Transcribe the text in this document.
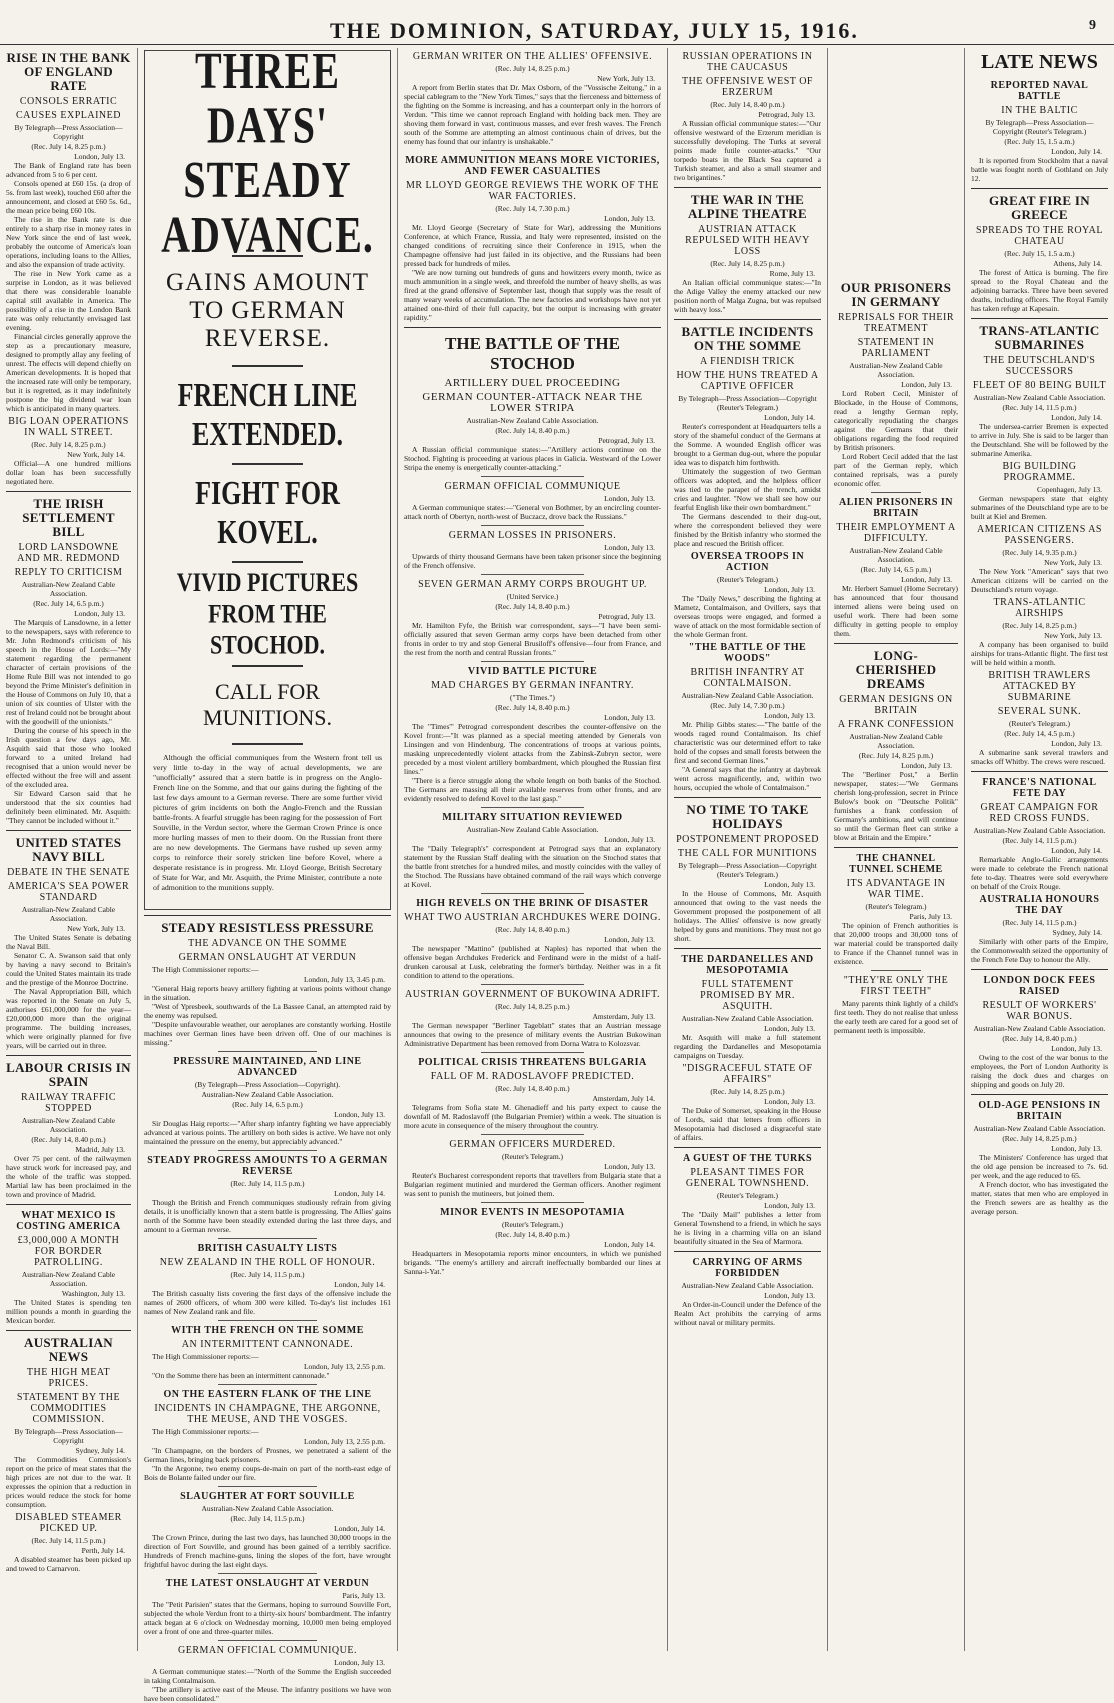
THE DOMINION, SATURDAY, JULY 15, 1916.	9
RISE IN THE BANK OF ENGLAND RATE
CONSOLS ERRATIC
CAUSES EXPLAINED
By Telegraph—Press Association—Copyright
(Rec. July 14, 8.25 p.m.)
London, July 13.

The Bank of England rate has been advanced from 5 to 6 per cent.

Consols opened at £60 15s. (a drop of 5s. from last week), touched £60 after the announcement, and closed at £60 5s. 6d., the mean price being £60 10s.

The rise in the Bank rate is due entirely to a sharp rise in money rates in New York since the end of last week, probably the outcome of America's loan operations, including loans to the Allies, and also the expansion of trade activity.

The rise in New York came as a surprise in London, as it was believed that there was considerable loanable capital still available in America. The possibility of a rise in the London Bank rate was only reluctantly envisaged last evening.

Financial circles generally approve the step as a precautionary measure, designed to promptly allay any feeling of unrest. The effects will depend chiefly on American developments. It is hoped that the increased rate will only be temporary, but it is regretted, as it may indefinitely postpone the big dividend war loan which is anticipated in many quarters.

BIG LOAN OPERATIONS IN WALL STREET.
(Rec. July 14, 8.25 p.m.)
New York, July 14.

Official—A one hundred millions dollar loan has been successfully negotiated here.

THE IRISH SETTLEMENT BILL
LORD LANSDOWNE AND MR. REDMOND
REPLY TO CRITICISM
Australian-New Zealand Cable Association.
(Rec. July 14, 6.5 p.m.)
London, July 13.

The Marquis of Lansdowne, in a letter to the newspapers, says with reference to Mr. John Redmond's criticism of his speech in the House of Lords:—"My statement regarding the permanent character of certain provisions of the Home Rule Bill was not intended to go beyond the Prime Minister's definition in the House of Commons on July 10, that a union of six counties of Ulster with the rest of Ireland could not be brought about with the goodwill of the unionists."

During the course of his speech in the Irish question a few days ago, Mr. Asquith said that those who looked forward to a united Ireland had recognised that a union would never be effected without the free will and assent of the excluded area.

Sir Edward Carson said that he understood that the six counties had definitely been eliminated. Mr. Asquith: "They cannot be included without it."

UNITED STATES NAVY BILL
DEBATE IN THE SENATE
AMERICA'S SEA POWER STANDARD
Australian-New Zealand Cable Association.
New York, July 13.

The United States Senate is debating the Naval Bill.

Senator C. A. Swanson said that only by having a navy second to Britain's could the United States maintain its trade and the prestige of the Monroe Doctrine.

The Naval Appropriation Bill, which was reported in the Senate on July 5, authorises £61,000,000 for the year—£20,000,000 more than the original programme. The building increases, which were originally planned for five years, will be carried out in three.

LABOUR CRISIS IN SPAIN
RAILWAY TRAFFIC STOPPED
Australian-New Zealand Cable Association.
(Rec. July 14, 8.40 p.m.)
Madrid, July 13.

Over 75 per cent. of the railwaymen have struck work for increased pay, and the whole of the traffic was stopped. Martial law has been proclaimed in the town and province of Madrid.

WHAT MEXICO IS COSTING AMERICA
£3,000,000 A MONTH FOR BORDER PATROLLING.
Australian-New Zealand Cable Association.
Washington, July 13.

The United States is spending ten million pounds a month in guarding the Mexican border.

AUSTRALIAN NEWS
THE HIGH MEAT PRICES.
STATEMENT BY THE COMMODITIES COMMISSION.
By Telegraph—Press Association—Copyright
Sydney, July 14.

The Commodities Commission's report on the price of meat states that the high prices are not due to the war. It expresses the opinion that a reduction in prices would reduce the stock for home consumption.

DISABLED STEAMER PICKED UP.
(Rec. July 14, 11.5 p.m.)
Perth, July 14.

A disabled steamer has been picked up and towed to Carnarvon.

THREE DAYS' STEADY ADVANCE.
GAINS AMOUNT TO GERMAN REVERSE.
FRENCH LINE EXTENDED.
FIGHT FOR KOVEL.
VIVID PICTURES FROM THE STOCHOD.
CALL FOR MUNITIONS.

Although the official communiques from the Western front tell us very little to-day in the way of actual developments, we are "unofficially" assured that a stern battle is in progress on the Anglo-French line on the Somme, and that our gains during the fighting of the last few days amount to a German reverse. There are some further vivid pictures of grim incidents on both the Anglo-French and the Russian battle-fronts. A fearful struggle has been raging for the possession of Fort Souville, in the Verdun sector, where the German Crown Prince is once more hurling masses of men to their doom. On the Russian front there are no new developments. The Germans have rushed up seven army corps to reinforce their sorely stricken line before Kovel, where a desperate resistance is in progress. Mr. Lloyd George, British Secretary of State for War, and Mr. Asquith, the Prime Minister, contribute a note of admonition to the munitions supply.

STEADY RESISTLESS PRESSURE
THE ADVANCE ON THE SOMME
GERMAN ONSLAUGHT AT VERDUN

The High Commissioner reports:—

London, July 13, 3.45 p.m.

"General Haig reports heavy artillery fighting at various points without change in the situation.

"West of Ypresbeek, southwards of the La Bassee Canal, an attempted raid by the enemy was repulsed.

"Despite unfavourable weather, our aeroplanes are constantly working. Hostile machines over German lines have been driven off. One of our machines is missing."

PRESSURE MAINTAINED, AND LINE ADVANCED
(By Telegraph—Press Association—Copyright).
Australian-New Zealand Cable Association.
(Rec. July 14, 6.5 p.m.)
London, July 13.

Sir Douglas Haig reports:—"After sharp infantry fighting we have appreciably advanced at various points. The artillery on both sides is active. We have not only maintained the pressure on the enemy, but appreciably advanced."

STEADY PROGRESS AMOUNTS TO A GERMAN REVERSE
(Rec. July 14, 11.5 p.m.)
London, July 14.

Though the British and French communiques studiously refrain from giving details, it is unofficially known that a stern battle is progressing. The Allies' gains north of the Somme have been steadily extended during the last three days, and amount to a German reverse.

BRITISH CASUALTY LISTS
NEW ZEALAND IN THE ROLL OF HONOUR.
(Rec. July 14, 11.5 p.m.)
London, July 14.

The British casualty lists covering the first days of the offensive include the names of 2600 officers, of whom 300 were killed. To-day's list includes 161 names of New Zealand rank and file.

WITH THE FRENCH ON THE SOMME
AN INTERMITTENT CANNONADE.

The High Commissioner reports:—

London, July 13, 2.55 p.m.

"On the Somme there has been an intermittent cannonade."

ON THE EASTERN FLANK OF THE LINE
INCIDENTS IN CHAMPAGNE, THE ARGONNE, THE MEUSE, AND THE VOSGES.

The High Commissioner reports:—

London, July 13, 2.55 p.m.

"In Champagne, on the borders of Prosnes, we penetrated a salient of the German lines, bringing back prisoners.

"In the Argonne, two enemy coups-de-main on part of the north-east edge of Bois de Bolante failed under our fire.

SLAUGHTER AT FORT SOUVILLE
Australian-New Zealand Cable Association.
(Rec. July 14, 11.5 p.m.)
London, July 14.

The Crown Prince, during the last two days, has launched 30,000 troops in the direction of Fort Souville, and ground has been gained of a terribly sacrifice. Hundreds of French machine-guns, lining the slopes of the fort, have wrought frightful havoc during the last eight days.

THE LATEST ONSLAUGHT AT VERDUN
Paris, July 13.

The "Petit Parisien" states that the Germans, hoping to surround Souville Fort, subjected the whole Verdun front to a thirty-six hours' bombardment. The infantry attack began at 6 o'clock on Wednesday morning, 10,000 men being employed over a front of one and three-quarter miles.

GERMAN OFFICIAL COMMUNIQUE.
London, July 13.

A German communique states:—"North of the Somme the English succeeded in taking Contalmaison.

"The artillery is active east of the Meuse. The infantry positions we have won have been consolidated."

GERMAN WRITER ON THE ALLIES' OFFENSIVE.
(Rec. July 14, 8.25 p.m.)
New York, July 13.

A report from Berlin states that Dr. Max Osborn, of the "Vossische Zeitung," in a special cablegram to the "New York Times," says that the fierceness and bitterness of the fighting on the Somme is increasing, and has a counterpart only in the horrors of Verdun. "This time we cannot reproach England with holding back men. They are shoving them forward in vast, continuous masses, and ever fresh waves. The French south of the Somme are attempting an almost continuous chain of drives, but the enemy has found that our infantry is unshakable."

MORE AMMUNITION MEANS MORE VICTORIES, AND FEWER CASUALTIES
MR LLOYD GEORGE REVIEWS THE WORK OF THE WAR FACTORIES.
(Rec. July 14, 7.30 p.m.)
London, July 13.

Mr. Lloyd George (Secretary of State for War), addressing the Munitions Conference, at which France, Russia, and Italy were represented, insisted on the changed conditions of recruiting since their Conference in 1915, when the Champagne offensive had just failed in its objective, and the Russians had been pressed back for hundreds of miles.

"We are now turning out hundreds of guns and howitzers every month, twice as much ammunition in a single week, and threefold the number of heavy shells, as was fired at the grand offensive of September last, though that supply was the result of many weary weeks of accumulation. The new factories and workshops have not yet attained one-third of their full capacity, but the output is increasing with greater rapidity."

THE BATTLE OF THE STOCHOD
ARTILLERY DUEL PROCEEDING
GERMAN COUNTER-ATTACK NEAR THE LOWER STRIPA
Australian-New Zealand Cable Association.
(Rec. July 14, 8.40 p.m.)
Petrograd, July 13.

A Russian official communique states:—"Artillery actions continue on the Stochod. Fighting is proceeding at various places in Galicia. Westward of the Lower Stripa the enemy is energetically counter-attacking."

GERMAN OFFICIAL COMMUNIQUE
London, July 13.

A German communique states:—"General von Bothmer, by an encircling counter-attack north of Obertyn, north-west of Buczacz, drove back the Russians."

GERMAN LOSSES IN PRISONERS.
London, July 13.

Upwards of thirty thousand Germans have been taken prisoner since the beginning of the French offensive.

SEVEN GERMAN ARMY CORPS BROUGHT UP.
(United Service.)
(Rec. July 14, 8.40 p.m.)
Petrograd, July 13.

Mr. Hamilton Fyfe, the British war correspondent, says—"I have been semi-officially assured that seven German army corps have been detached from other fronts in order to try and stop General Brusiloff's offensive—four from France, and the rest from the north and central Russian fronts."

VIVID BATTLE PICTURE
MAD CHARGES BY GERMAN INFANTRY.
("The Times.")
(Rec. July 14, 8.40 p.m.)
London, July 13.

The "Times'" Petrograd correspondent describes the counter-offensive on the Kovel front:—"It was planned as a special meeting attended by Generals von Linsingen and von Hindenburg. The concentrations of troops at various points, masking unprecedentedly violent attacks from the Zabinsk-Zubryn sector, were preceded by a most violent artillery bombardment, which ploughed the Russian first lines."

"There is a fierce struggle along the whole length on both banks of the Stochod. The Germans are massing all their available reserves from other fronts, and are evidently resolved to defend Kovel to the last gasp."

MILITARY SITUATION REVIEWED
Australian-New Zealand Cable Association.
London, July 13.

The "Daily Telegraph's" correspondent at Petrograd says that an explanatory statement by the Russian Staff dealing with the situation on the Stochod states that the battle front stretches for a hundred miles, and mostly coincides with the valley of the Stochod. The Russians have obtained command of the rail ways which converge at Kovel.

HIGH REVELS ON THE BRINK OF DISASTER
WHAT TWO AUSTRIAN ARCHDUKES WERE DOING.
(Rec. July 14, 8.40 p.m.)
London, July 13.

The newspaper "Mattino" (published at Naples) has reported that when the offensive began Archdukes Frederick and Ferdinand were in the midst of a half-drunken carousal at Lusk, celebrating the former's birthday. Neither was in a fit condition to attend to the operations.

AUSTRIAN GOVERNMENT OF BUKOWINA ADRIFT.
(Rec. July 14, 8.25 p.m.)
Amsterdam, July 13.

The German newspaper "Berliner Tageblatt" states that an Austrian message announces that owing to the presence of military events the Austrian Bukowinan Administrative Department has been removed from Dorna Watra to Kolozsvar.

POLITICAL CRISIS THREATENS BULGARIA
FALL OF M. RADOSLAVOFF PREDICTED.
(Rec. July 14, 8.40 p.m.)
Amsterdam, July 14.

Telegrams from Sofia state M. Ghenadieff and his party expect to cause the downfall of M. Radoslavoff (the Bulgarian Premier) within a week. The situation is more acute in consequence of the misery throughout the country.

GERMAN OFFICERS MURDERED.
(Reuter's Telegram.)
London, July 13.

Reuter's Bucharest correspondent reports that travellers from Bulgaria state that a Bulgarian regiment mutinied and murdered the German officers. Another regiment was sent to punish the mutineers, but joined them.

MINOR EVENTS IN MESOPOTAMIA
(Reuter's Telegram.)
(Rec. July 14, 8.40 p.m.)
London, July 14.

Headquarters in Mesopotamia reports minor encounters, in which we punished brigands. "The enemy's artillery and aircraft ineffectually bombarded our lines at Sanna-i-Yat."

RUSSIAN OPERATIONS IN THE CAUCASUS
THE OFFENSIVE WEST OF ERZERUM
(Rec. July 14, 8.40 p.m.)
Petrograd, July 13.

A Russian official communique states:—"Our offensive westward of the Erzerum meridian is successfully developing. The Turks at several points made futile counter-attacks." "Our torpedo boats in the Black Sea captured a Turkish steamer, and also a small steamer and two brigantines."

THE WAR IN THE ALPINE THEATRE
AUSTRIAN ATTACK REPULSED WITH HEAVY LOSS
(Rec. July 14, 8.25 p.m.)
Rome, July 13.

An Italian official communique states:—"In the Adige Valley the enemy attacked our new position north of Malga Zugna, but was repulsed with heavy loss."

BATTLE INCIDENTS ON THE SOMME
A FIENDISH TRICK
HOW THE HUNS TREATED A CAPTIVE OFFICER
By Telegraph—Press Association—Copyright (Reuter's Telegram.)
London, July 14.

Reuter's correspondent at Headquarters tells a story of the shameful conduct of the Germans at the Somme. A wounded English officer was brought to a German dug-out, where the popular idea was to dispatch him forthwith.

Ultimately the suggestion of two German officers was adopted, and the helpless officer was tied to the parapet of the trench, amidst cries and laughter. "Now we shall see how our fearful English like their own bombardment."

The Germans descended to their dug-out, where the correspondent believed they were finished by the British infantry who stormed the place and rescued the British officer.

OVERSEA TROOPS IN ACTION
(Reuter's Telegram.)
London, July 13.

The "Daily News," describing the fighting at Mametz, Contalmaison, and Ovillers, says that overseas troops were engaged, and formed a wave of attack on the most formidable section of the whole German front.

"THE BATTLE OF THE WOODS"
BRITISH INFANTRY AT CONTALMAISON.
Australian-New Zealand Cable Association.
(Rec. July 14, 7.30 p.m.)
London, July 13.

Mr. Philip Gibbs states:—"The battle of the woods raged round Contalmaison. Its chief characteristic was our determined effort to take hold of the copses and small forests between the first and second German lines."

"A General says that the infantry at daybreak went across magnificently, and, within two hours, occupied the whole of Contalmaison."

NO TIME TO TAKE HOLIDAYS
POSTPONEMENT PROPOSED
THE CALL FOR MUNITIONS
By Telegraph—Press Association—Copyright (Reuter's Telegram.)
London, July 13.

In the House of Commons, Mr. Asquith announced that owing to the vast needs the Government proposed the postponement of all holidays. The Allies' offensive is now greatly helped by guns and munitions. They must not go short.

THE DARDANELLES AND MESOPOTAMIA
FULL STATEMENT PROMISED BY MR. ASQUITH.
Australian-New Zealand Cable Association.
London, July 13.

Mr. Asquith will make a full statement regarding the Dardanelles and Mesopotamia campaigns on Tuesday.

"DISGRACEFUL STATE OF AFFAIRS"
(Rec. July 14, 8.25 p.m.)
London, July 13.

The Duke of Somerset, speaking in the House of Lords, said that letters from officers in Mesopotamia had disclosed a disgraceful state of affairs.

A GUEST OF THE TURKS
PLEASANT TIMES FOR GENERAL TOWNSHEND.
(Reuter's Telegram.)
London, July 13.

The "Daily Mail" publishes a letter from General Townshend to a friend, in which he says he is living in a charming villa on an island beautifully situated in the Sea of Marmora.

CARRYING OF ARMS FORBIDDEN
Australian-New Zealand Cable Association.
London, July 13.

An Order-in-Council under the Defence of the Realm Act prohibits the carrying of arms without naval or military permits.

OUR PRISONERS IN GERMANY
REPRISALS FOR THEIR TREATMENT
STATEMENT IN PARLIAMENT
Australian-New Zealand Cable Association.
London, July 13.

Lord Robert Cecil, Minister of Blockade, in the House of Commons, read a lengthy German reply, categorically repudiating the charges against the Germans that their obligations regarding the food required by British prisoners.

Lord Robert Cecil added that the last part of the German reply, which contained reprisals, was a purely economic offer.

ALIEN PRISONERS IN BRITAIN
THEIR EMPLOYMENT A DIFFICULTY.
Australian-New Zealand Cable Association.
(Rec. July 14, 6.5 p.m.)
London, July 13.

Mr. Herbert Samuel (Home Secretary) has announced that four thousand interned aliens were being used on useful work. There had been some difficulty in getting people to employ them.

LONG-CHERISHED DREAMS
GERMAN DESIGNS ON BRITAIN
A FRANK CONFESSION
Australian-New Zealand Cable Association.
(Rec. July 14, 8.25 p.m.)
London, July 13.

The "Berliner Post," a Berlin newspaper, states:—"We Germans cherish long-profession, secret in Prince Bulow's book on "Deutsche Politik" furnishes a frank confession of Germany's ambitions, and will continue so until the German fleet can strike a blow at Britain and the Empire."

THE CHANNEL TUNNEL SCHEME
ITS ADVANTAGE IN WAR TIME.
(Reuter's Telegram.)
Paris, July 13.

The opinion of French authorities is that 20,000 troops and 30,000 tons of war material could be transported daily to France if the Channel tunnel was in existence.

"THEY'RE ONLY THE FIRST TEETH"

Many parents think lightly of a child's first teeth. They do not realise that unless the early teeth are cared for a good set of permanent teeth is impossible.

LATE NEWS
REPORTED NAVAL BATTLE
IN THE BALTIC
By Telegraph—Press Association—Copyright (Reuter's Telegram.)
(Rec. July 15, 1.5 a.m.)
London, July 14.

It is reported from Stockholm that a naval battle was fought north of Gothland on July 12.

GREAT FIRE IN GREECE
SPREADS TO THE ROYAL CHATEAU
(Rec. July 15, 1.5 a.m.)
Athens, July 14.

The forest of Attica is burning. The fire spread to the Royal Chateau and the adjoining barracks. Three have been severed deaths, including officers. The Royal Family has taken refuge at Kapesain.

TRANS-ATLANTIC SUBMARINES
THE DEUTSCHLAND'S SUCCESSORS
FLEET OF 80 BEING BUILT
Australian-New Zealand Cable Association.
(Rec. July 14, 11.5 p.m.)
London, July 14.

The undersea-carrier Bremen is expected to arrive in July. She is said to be larger than the Deutschland. She will be followed by the submarine Amerika.

BIG BUILDING PROGRAMME.
Copenhagen, July 13.

German newspapers state that eighty submarines of the Deutschland type are to be built at Kiel and Bremen.

AMERICAN CITIZENS AS PASSENGERS.
(Rec. July 14, 9.35 p.m.)
New York, July 13.

The New York "American" says that two American citizens will be carried on the Deutschland's return voyage.

TRANS-ATLANTIC AIRSHIPS
(Rec. July 14, 8.25 p.m.)
New York, July 13.

A company has been organised to build airships for trans-Atlantic flight. The first test will be held within a month.

BRITISH TRAWLERS ATTACKED BY SUBMARINE
SEVERAL SUNK.
(Reuter's Telegram.)
(Rec. July 14, 4.5 p.m.)
London, July 13.

A submarine sank several trawlers and smacks off Whitby. The crews were rescued.

FRANCE'S NATIONAL FETE DAY
GREAT CAMPAIGN FOR RED CROSS FUNDS.
Australian-New Zealand Cable Association.
(Rec. July 14, 11.5 p.m.)
London, July 14.

Remarkable Anglo-Gallic arrangements were made to celebrate the French national fete to-day. Theatres were sold everywhere on behalf of the Croix Rouge.

AUSTRALIA HONOURS THE DAY
(Rec. July 14, 11.5 p.m.)
Sydney, July 14.

Similarly with other parts of the Empire, the Commonwealth seized the opportunity of the French Fete Day to honour the Ally.

LONDON DOCK FEES RAISED
RESULT OF WORKERS' WAR BONUS.
Australian-New Zealand Cable Association.
(Rec. July 14, 8.40 p.m.)
London, July 13.

Owing to the cost of the war bonus to the employees, the Port of London Authority is raising the dock dues and charges on shipping and goods on July 20.

OLD-AGE PENSIONS IN BRITAIN
Australian-New Zealand Cable Association.
(Rec. July 14, 8.25 p.m.)
London, July 13.

The Ministers' Conference has urged that the old age pension be increased to 7s. 6d. per week, and the age reduced to 65.

A French doctor, who has investigated the matter, states that men who are employed in the French sewers are as healthy as the average person.
